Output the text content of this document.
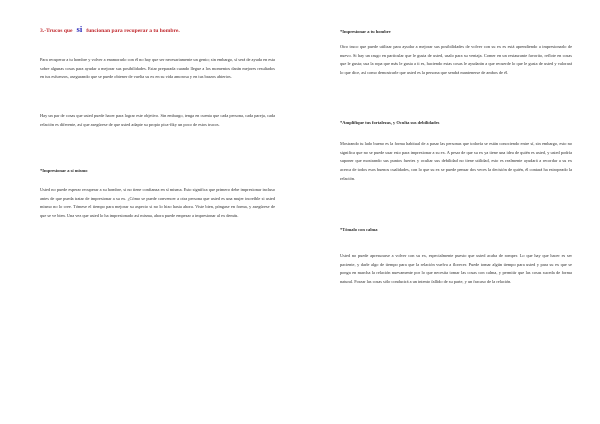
3.-Trucos que si funcionan para recuperar a tu hombre.

Para recuperar a tu hombre y volver a enamorarlo con él no hay que ser necesariamente un genio; sin embargo, sí será de ayuda en esta sobre algunas cosas para ayudar a mejorar sus posibilidades. Estar preparada cuando llegue a los momentos darán mejores resultados en tus esfuerzos, asegurando que se puede obtener de vuelta su ex en su vida amorosa y en tus brazos abiertos.

Hay un par de cosas que usted puede hacer para lograr este objetivo. Sin embargo, tenga en cuenta que cada persona, cada pareja, cada relación es diferente, así que asegúrese de que usted adapte su propio pica-fiky un poco de estos trucos.

*Impresionar a sí mismo

Usted no puede esperar recuperar a su hombre, si no tiene confianza en sí misma. Esto significa que primero debe impresionar incluso antes de que pueda tratar de impresionar a su ex. ¿Cómo se puede convencer a otra persona que usted es una mujer increíble si usted mismo no lo cree. Tómese el tiempo para mejorar su aspecto si no lo hizo hasta ahora. Viste bien, póngase en forma, y asegúrese de que se ve bien. Una vez que usted lo ha impresionado así misma, ahora puede empezar a impresionar al ex demás.

*Impresionar a tu hombre

Otro truco que puede utilizar para ayudar a mejorar sus posibilidades de volver con su ex es está aprendiendo a impresionarlo de nuevo. Si hay un rasgo en particular que le gusta de usted, usalo para su ventaja. Comer en un restaurante favorito, reflote en cosas que le gusta; usa la ropa que más le gusta a ti es, haciendo estas cosas le ayudarán a que recuerde lo que le gusta de usted y valorará lo que dice, así como demostrarle que usted es la persona que sendrá mantenerse de ambos de él.

*Amplifique tus fortalezas, y Oculta sus debilidades

Mostrando tu lado bueno es la forma habitual de a pasar las personas que todavía se están conociendo entre sí, sin embargo, esto no significa que no se puede usar esto para impresionar a su ex. A pesar de que su ex ya tiene una idea de quién es usted, y usted podría suponer que mostrando sus puntos fuertes y ocultar sus debilidad no tiene utilidad, esto es realmente ayudará a recordar a su ex acerca de todos esos buenos cualidades, con lo que su ex se puede pensar dos veces la decisión de quién, él contará ha estropeado la relación.

*Tómalo con calma

Usted no puede apresurarse a volver con su ex, especialmente puesto que usted acaba de romper. Lo que hay que hacer es ser paciente, y darle algo de tiempo para que la relación vuelva a florecer. Puede tomar algún tiempo para usted y para su ex que se ponga en marcha la relación nuevamente por lo que necesita tomar las cosas con calma, y permitir que las cosas suceda de forma natural. Forzar las cosas sólo conducirá a un intento fallido de su parte, y un fracaso de la relación.
